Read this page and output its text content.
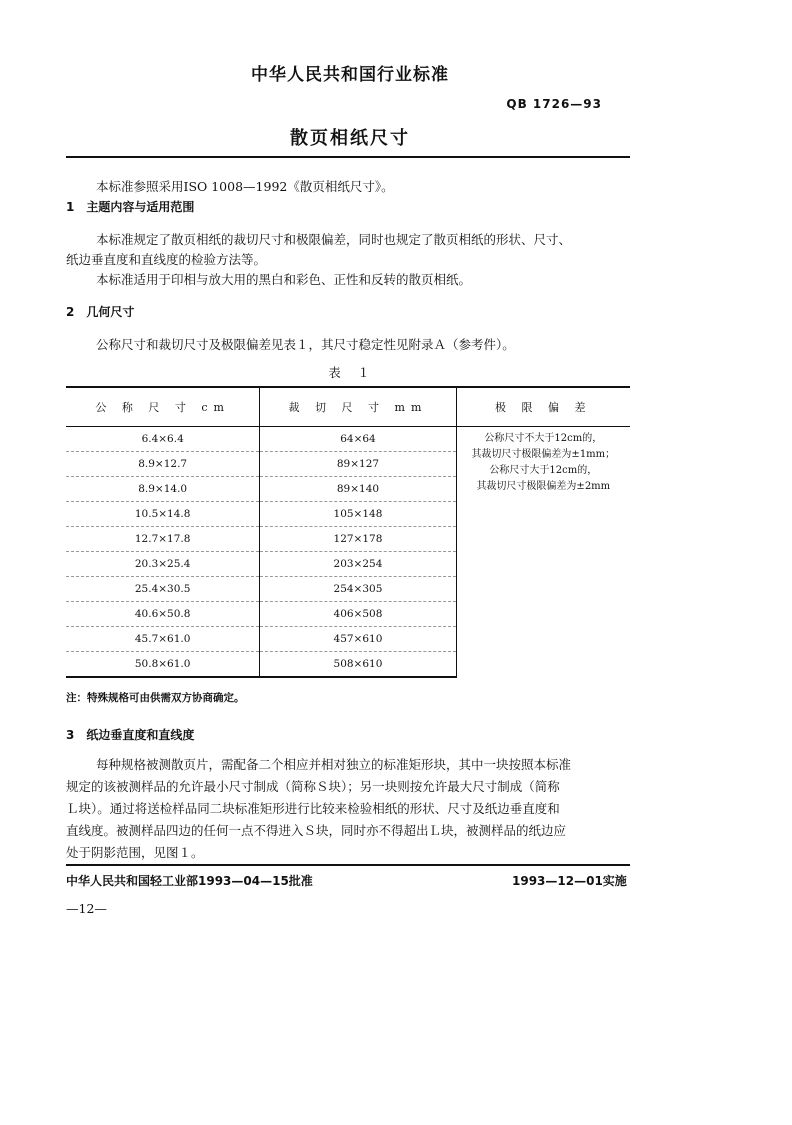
中华人民共和国行业标准
QB 1726—93
散页相纸尺寸
本标准参照采用ISO 1008—1992《散页相纸尺寸》。
1　主题内容与适用范围
本标准规定了散页相纸的裁切尺寸和极限偏差，同时也规定了散页相纸的形状、尺寸、
纸边垂直度和直线度的检验方法等。
本标准适用于印相与放大用的黑白和彩色、正性和反转的散页相纸。
2　几何尺寸
公称尺寸和裁切尺寸及极限偏差见表１，其尺寸稳定性见附录Ａ（参考件）。
表　１
公 称 尺 寸 cm	裁 切 尺 寸 mm	极 限 偏 差
6.4×6.4	64×64	公称尺寸不大于12cm的，
其裁切尺寸极限偏差为±1mm；
公称尺寸大于12cm的，
其裁切尺寸极限偏差为±2mm

8.9×12.7	89×127	
8.9×14.0	89×140	
10.5×14.8	105×148	
12.7×17.8	127×178	
20.3×25.4	203×254	
25.4×30.5	254×305	
40.6×50.8	406×508	
45.7×61.0	457×610	
50.8×61.0	508×610	
注：特殊规格可由供需双方协商确定。
3　纸边垂直度和直线度
每种规格被测散页片，需配备二个相应并相对独立的标准矩形块，其中一块按照本标准
规定的该被测样品的允许最小尺寸制成（简称Ｓ块）；另一块则按允许最大尺寸制成（简称
Ｌ块）。通过将送检样品同二块标准矩形进行比较来检验相纸的形状、尺寸及纸边垂直度和
直线度。被测样品四边的任何一点不得进入Ｓ块，同时亦不得超出Ｌ块，被测样品的纸边应
处于阴影范围，见图１。
中华人民共和国轻工业部1993—04—15批准	1993—12—01实施
—12—
